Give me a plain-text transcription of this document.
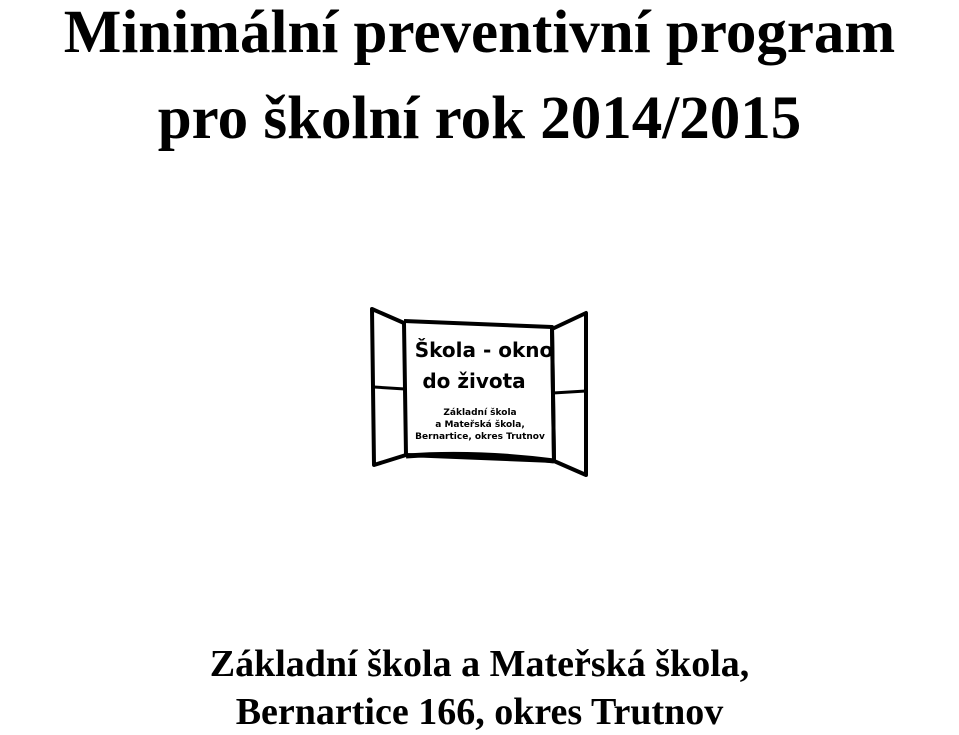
Minimální preventivní program
pro školní rok 2014/2015
Škola - okno
do života
Základní škola
a Mateřská škola,
Bernartice, okres Trutnov
Základní škola a Mateřská škola,
Bernartice 166, okres Trutnov
